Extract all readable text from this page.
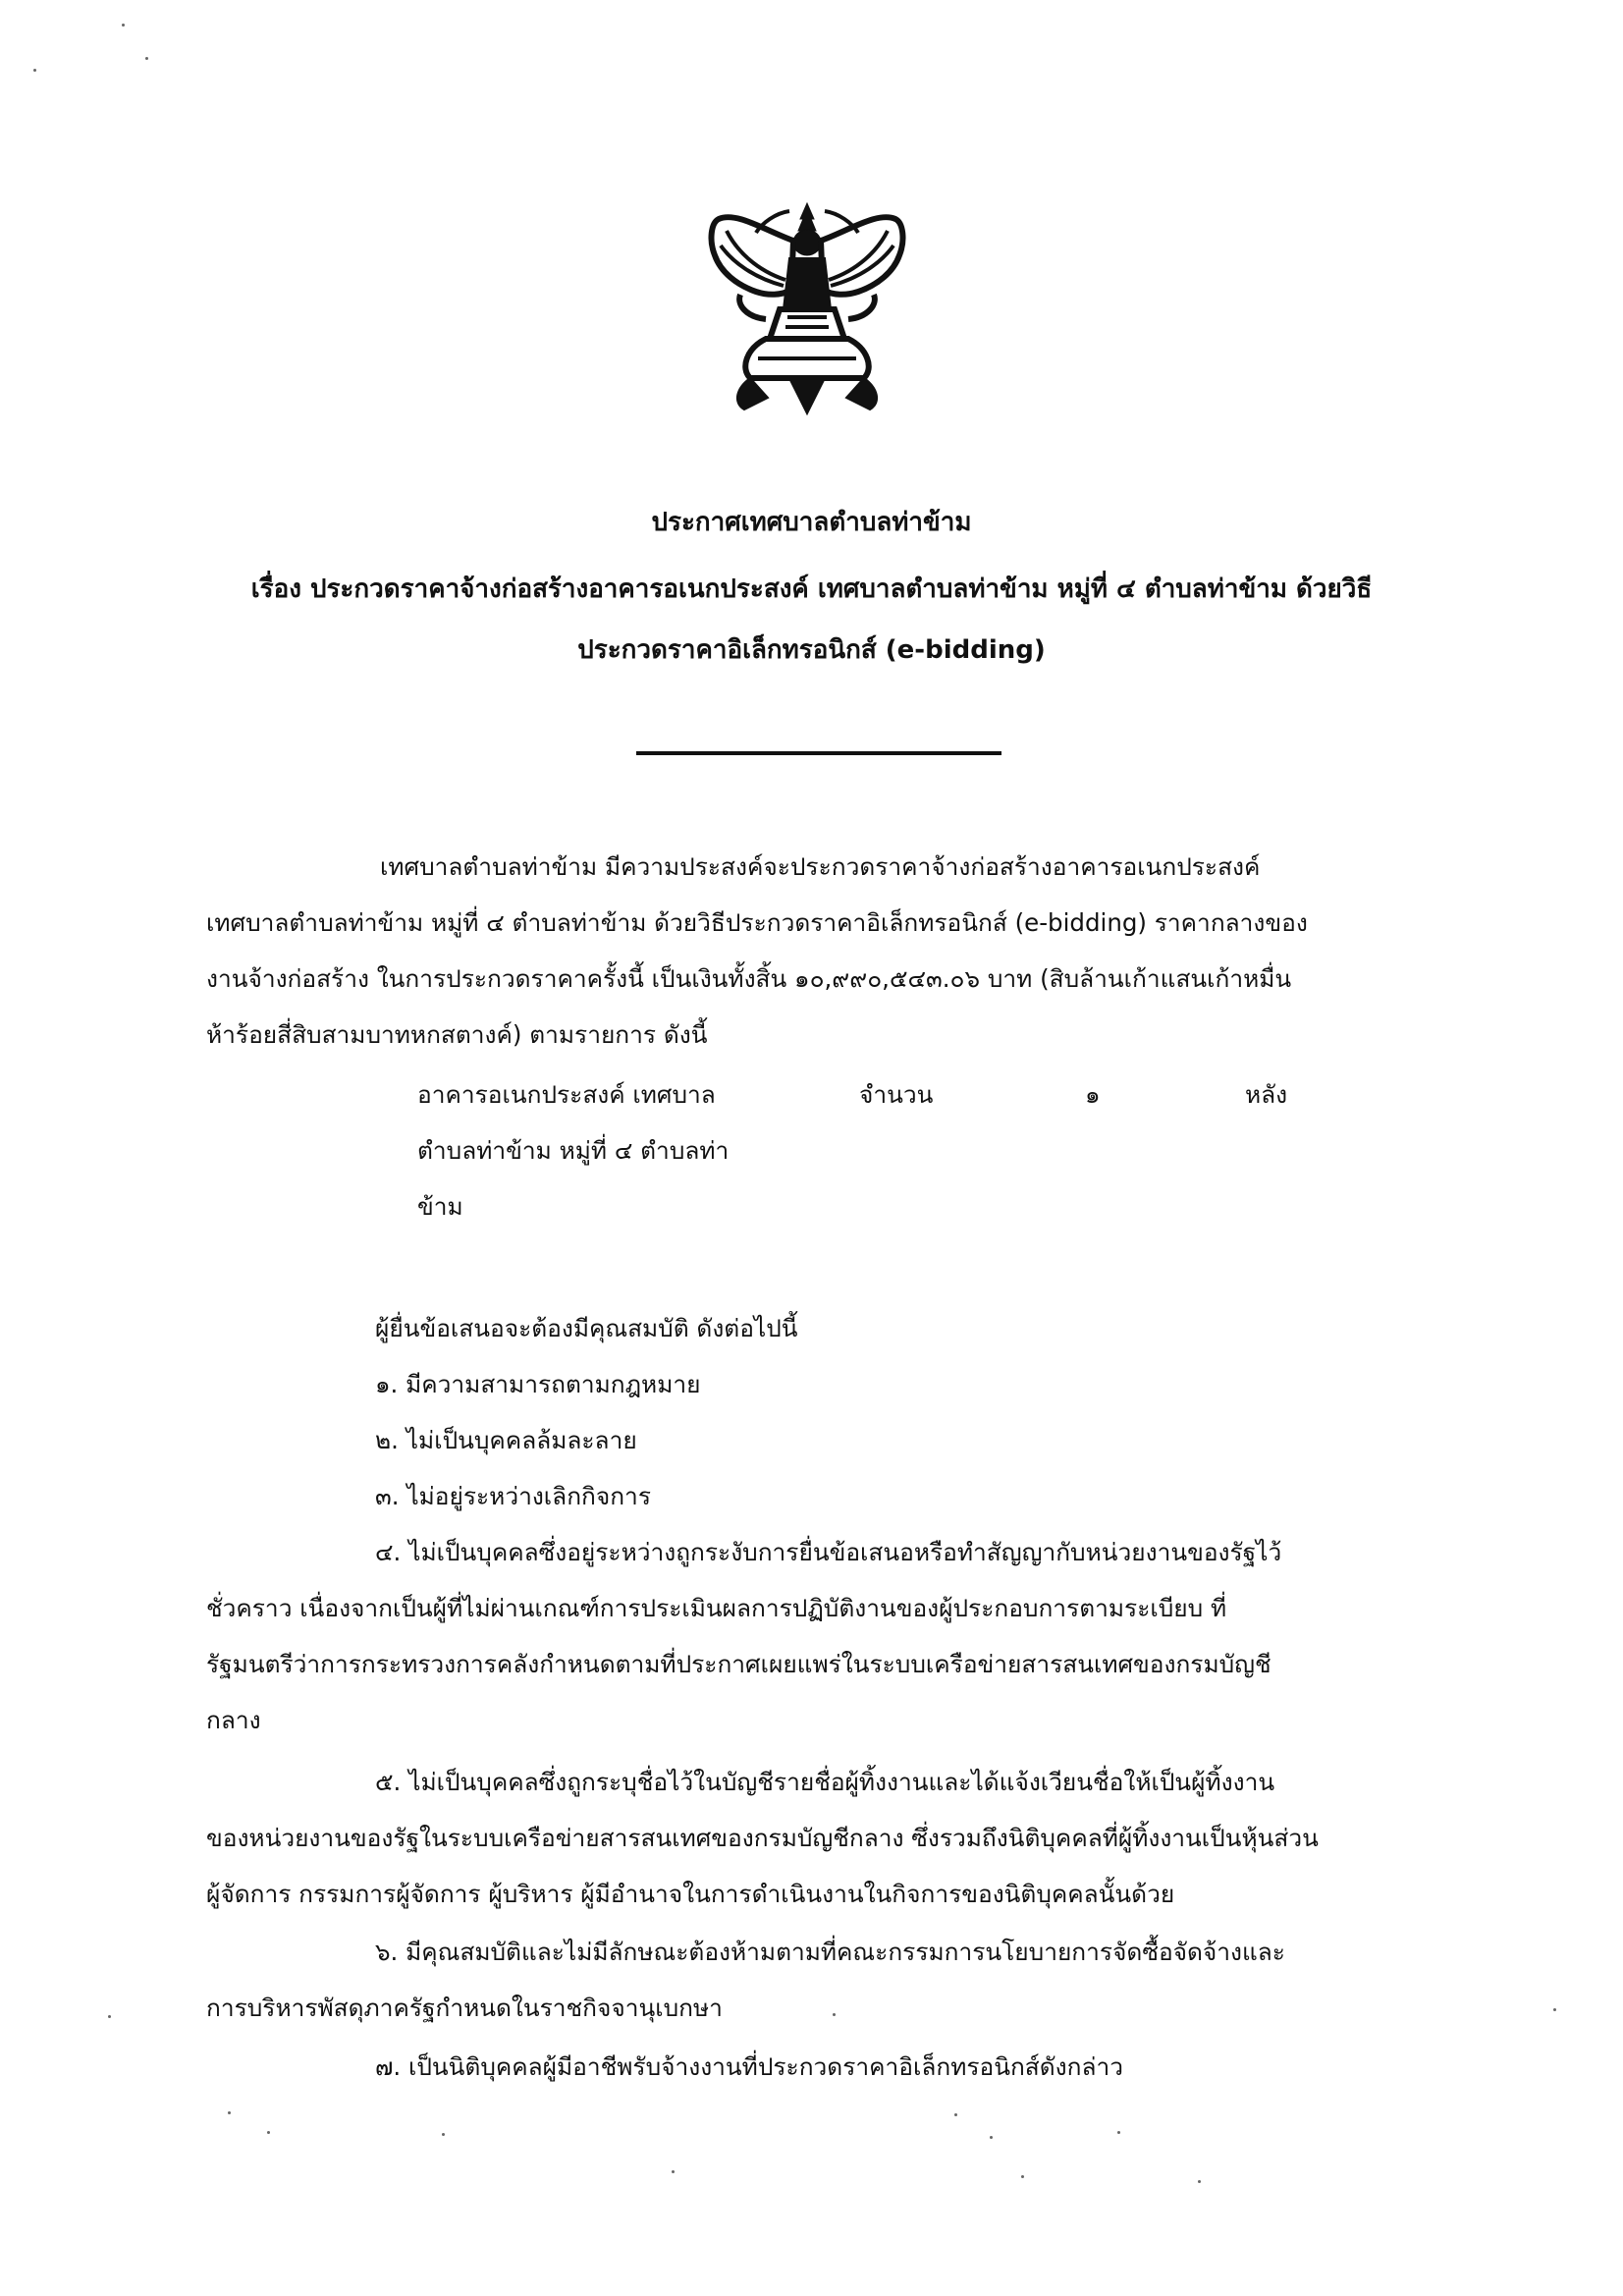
ประกาศเทศบาลตำบลท่าข้าม
เรื่อง ประกวดราคาจ้างก่อสร้างอาคารอเนกประสงค์ เทศบาลตำบลท่าข้าม หมู่ที่ ๔ ตำบลท่าข้าม ด้วยวิธี
ประกวดราคาอิเล็กทรอนิกส์ (e-bidding)
เทศบาลตำบลท่าข้าม มีความประสงค์จะประกวดราคาจ้างก่อสร้างอาคารอเนกประสงค์
เทศบาลตำบลท่าข้าม หมู่ที่ ๔ ตำบลท่าข้าม ด้วยวิธีประกวดราคาอิเล็กทรอนิกส์ (e-bidding) ราคากลางของ
งานจ้างก่อสร้าง ในการประกวดราคาครั้งนี้ เป็นเงินทั้งสิ้น ๑๐,๙๙๐,๕๔๓.๐๖ บาท (สิบล้านเก้าแสนเก้าหมื่น
ห้าร้อยสี่สิบสามบาทหกสตางค์) ตามรายการ ดังนี้
อาคารอเนกประสงค์ เทศบาล
ตำบลท่าข้าม หมู่ที่ ๔ ตำบลท่า
ข้าม
จำนวน	๑	หลัง
ผู้ยื่นข้อเสนอจะต้องมีคุณสมบัติ ดังต่อไปนี้
๑. มีความสามารถตามกฎหมาย
๒. ไม่เป็นบุคคลล้มละลาย
๓. ไม่อยู่ระหว่างเลิกกิจการ
๔. ไม่เป็นบุคคลซึ่งอยู่ระหว่างถูกระงับการยื่นข้อเสนอหรือทำสัญญากับหน่วยงานของรัฐไว้
ชั่วคราว เนื่องจากเป็นผู้ที่ไม่ผ่านเกณฑ์การประเมินผลการปฏิบัติงานของผู้ประกอบการตามระเบียบ ที่
รัฐมนตรีว่าการกระทรวงการคลังกำหนดตามที่ประกาศเผยแพร่ในระบบเครือข่ายสารสนเทศของกรมบัญชี
กลาง
๕. ไม่เป็นบุคคลซึ่งถูกระบุชื่อไว้ในบัญชีรายชื่อผู้ทิ้งงานและได้แจ้งเวียนชื่อให้เป็นผู้ทิ้งงาน
ของหน่วยงานของรัฐในระบบเครือข่ายสารสนเทศของกรมบัญชีกลาง ซึ่งรวมถึงนิติบุคคลที่ผู้ทิ้งงานเป็นหุ้นส่วน
ผู้จัดการ กรรมการผู้จัดการ ผู้บริหาร ผู้มีอำนาจในการดำเนินงานในกิจการของนิติบุคคลนั้นด้วย
๖. มีคุณสมบัติและไม่มีลักษณะต้องห้ามตามที่คณะกรรมการนโยบายการจัดซื้อจัดจ้างและ
การบริหารพัสดุภาครัฐกำหนดในราชกิจจานุเบกษา
๗. เป็นนิติบุคคลผู้มีอาชีพรับจ้างงานที่ประกวดราคาอิเล็กทรอนิกส์ดังกล่าว
